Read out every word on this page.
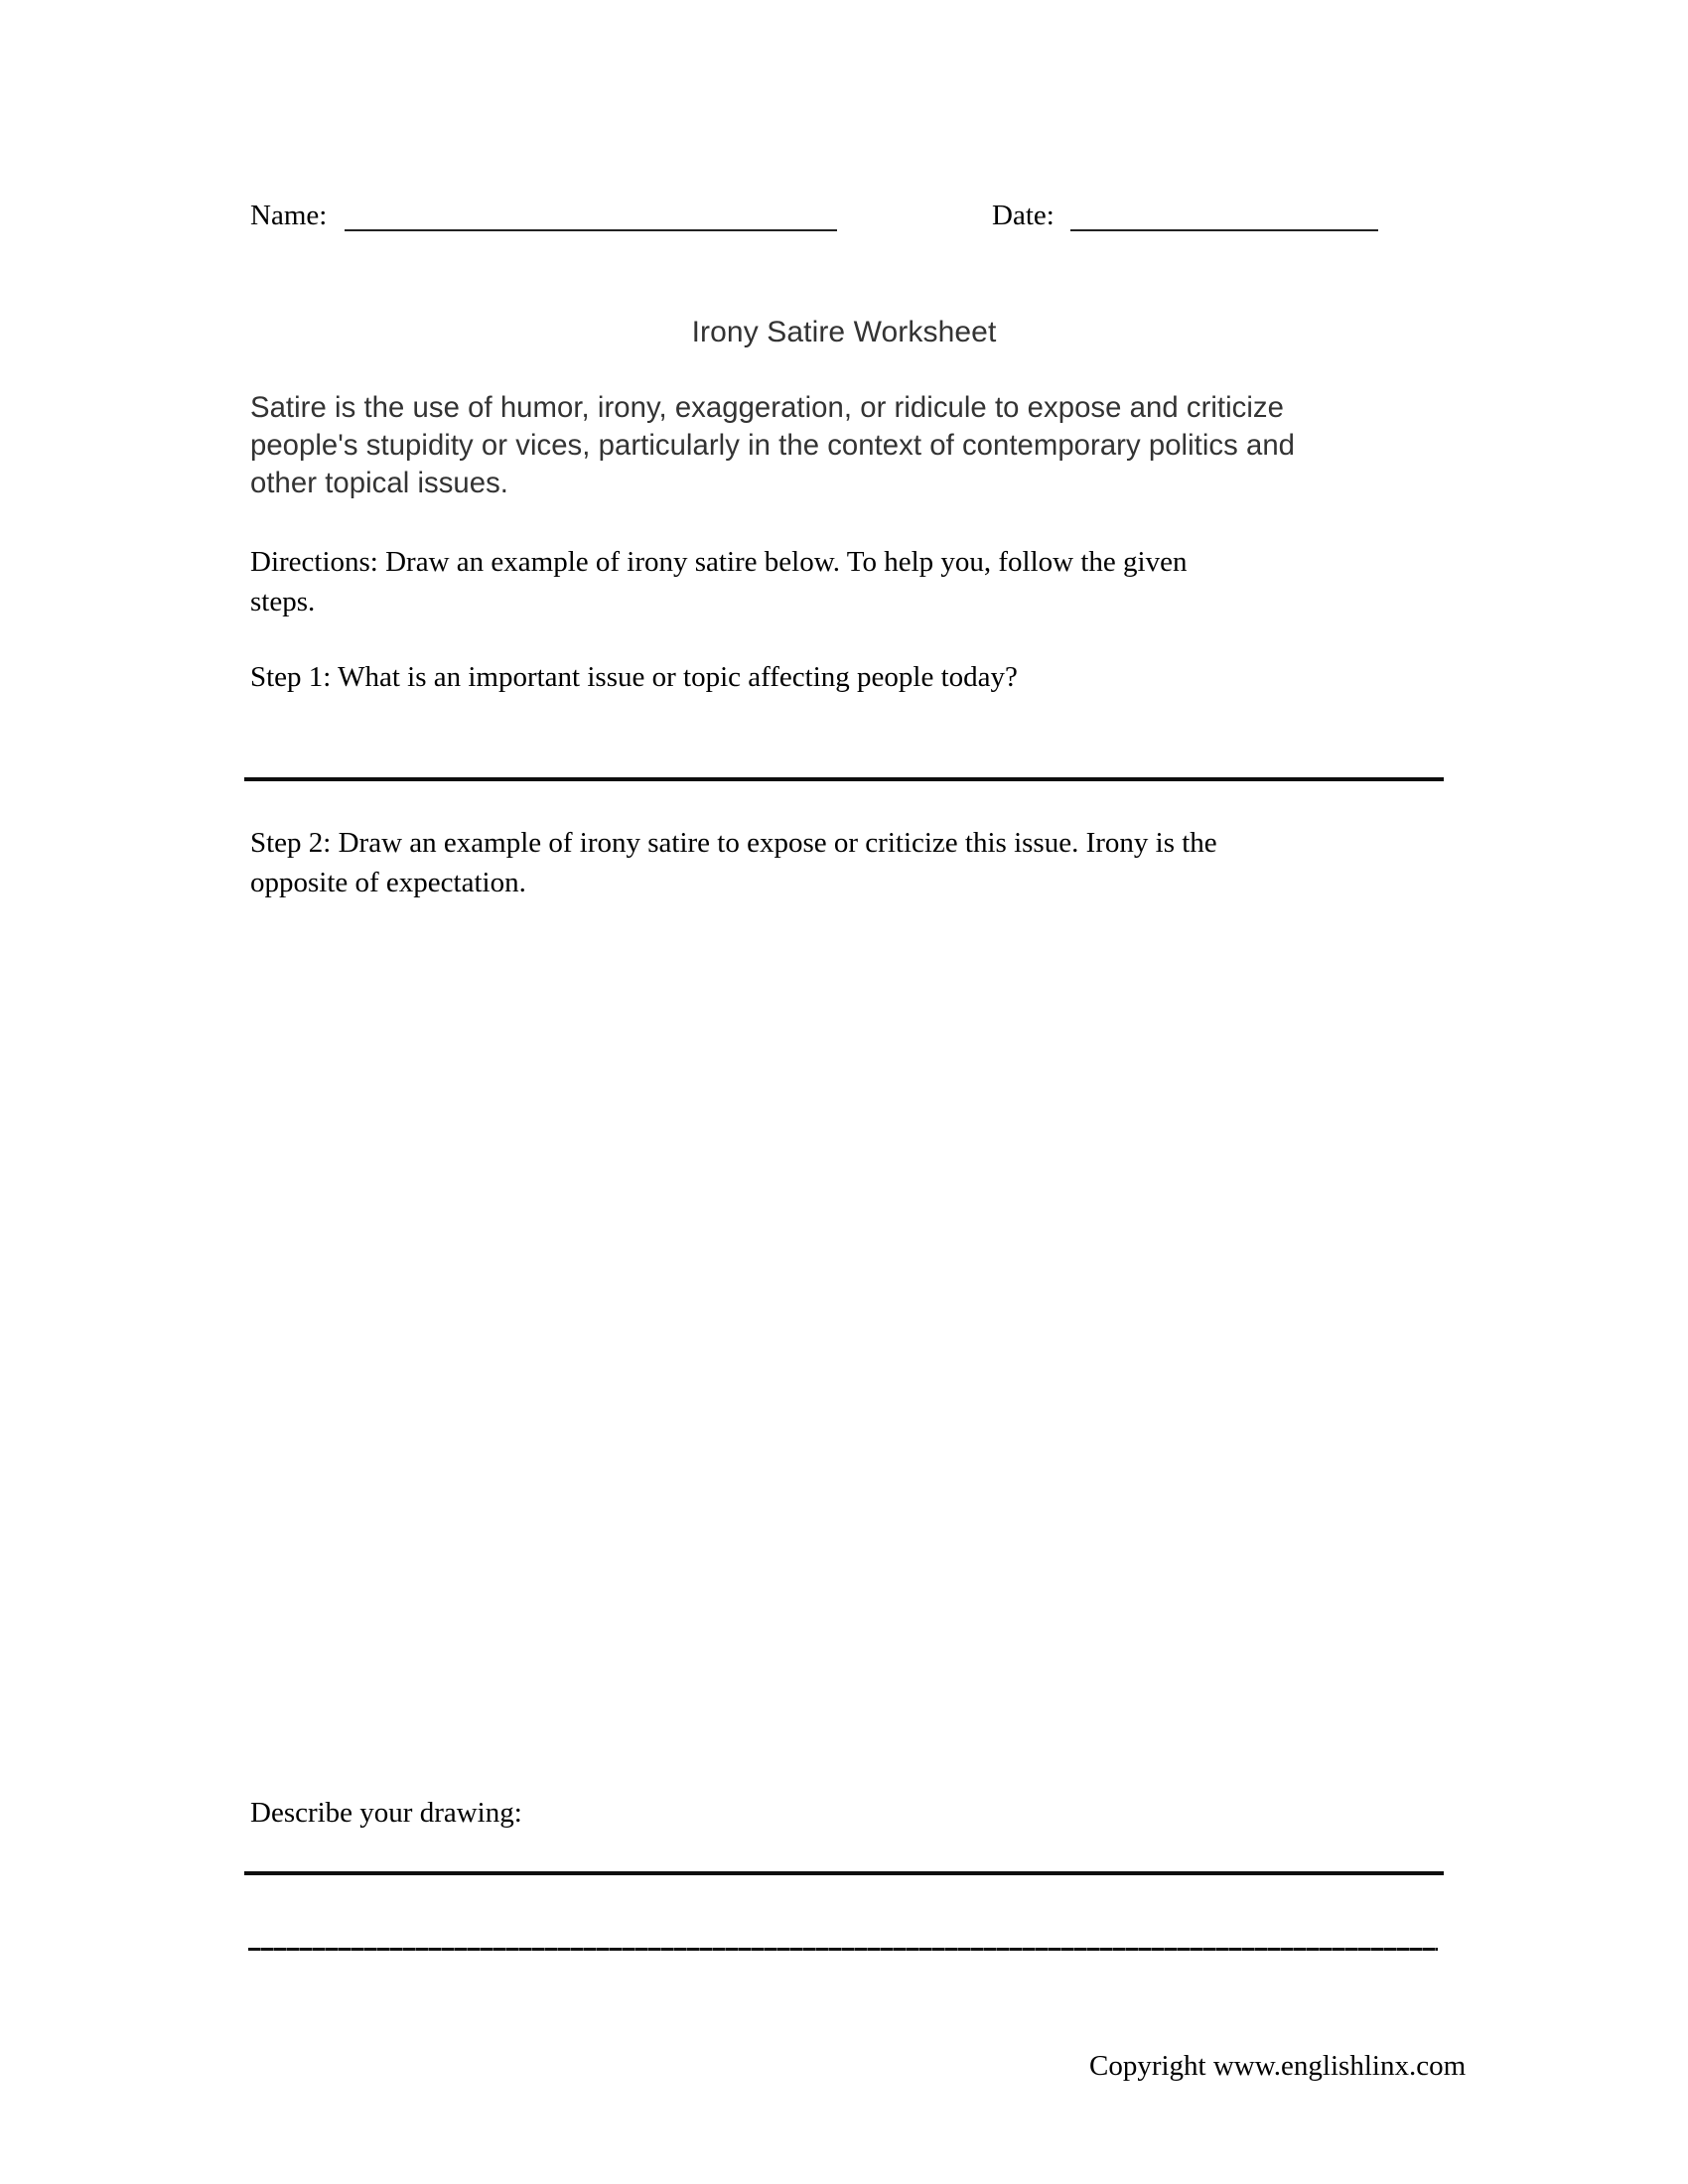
Name:	Date:
Irony Satire Worksheet
Satire is the use of humor, irony, exaggeration, or ridicule to expose and criticize
people's stupidity or vices, particularly in the context of contemporary politics and
other topical issues.
Directions: Draw an example of irony satire below. To help you, follow the given
steps.
Step 1: What is an important issue or topic affecting people today?
Step 2: Draw an example of irony satire to expose or criticize this issue. Irony is the
opposite of expectation.
Describe your drawing:
Copyright www.englishlinx.com
